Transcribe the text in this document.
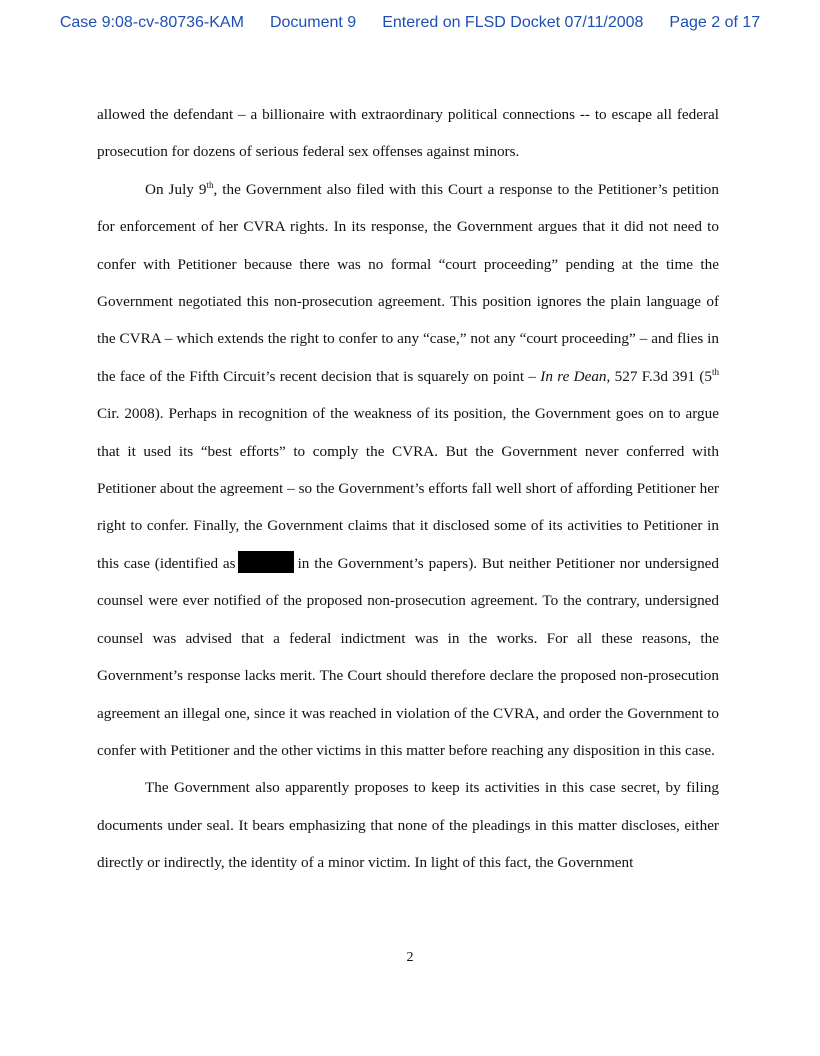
Case 9:08-cv-80736-KAM Document 9 Entered on FLSD Docket 07/11/2008 Page 2 of 17

allowed the defendant – a billionaire with extraordinary political connections -- to escape all federal prosecution for dozens of serious federal sex offenses against minors.

On July 9th, the Government also filed with this Court a response to the Petitioner’s petition for enforcement of her CVRA rights. In its response, the Government argues that it did not need to confer with Petitioner because there was no formal “court proceeding” pending at the time the Government negotiated this non-prosecution agreement. This position ignores the plain language of the CVRA – which extends the right to confer to any “case,” not any “court proceeding” – and flies in the face of the Fifth Circuit’s recent decision that is squarely on point – In re Dean, 527 F.3d 391 (5th Cir. 2008). Perhaps in recognition of the weakness of its position, the Government goes on to argue that it used its “best efforts” to comply the CVRA. But the Government never conferred with Petitioner about the agreement – so the Government’s efforts fall well short of affording Petitioner her right to confer. Finally, the Government claims that it disclosed some of its activities to Petitioner in this case (identified as	in the Government’s papers). But neither Petitioner nor undersigned counsel were ever notified of the proposed non-prosecution agreement. To the contrary, undersigned counsel was advised that a federal indictment was in the works. For all these reasons, the Government’s response lacks merit. The Court should therefore declare the proposed non-prosecution agreement an illegal one, since it was reached in violation of the CVRA, and order the Government to confer with Petitioner and the other victims in this matter before reaching any disposition in this case.

The Government also apparently proposes to keep its activities in this case secret, by filing documents under seal. It bears emphasizing that none of the pleadings in this matter discloses, either directly or indirectly, the identity of a minor victim. In light of this fact, the Government

2
